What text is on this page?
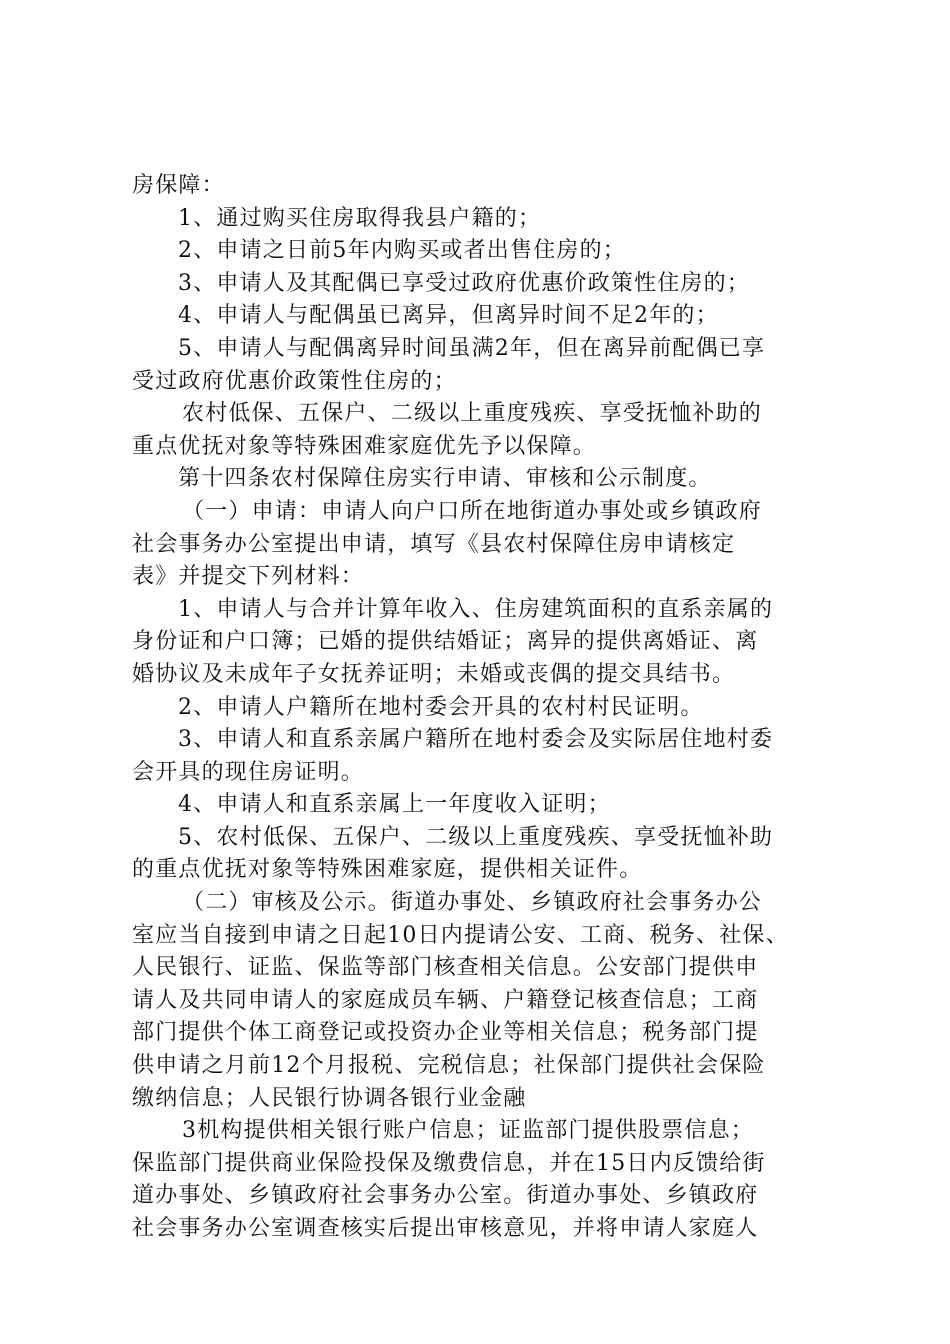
房保障：
1、通过购买住房取得我县户籍的；
2、申请之日前5年内购买或者出售住房的；
3、申请人及其配偶已享受过政府优惠价政策性住房的；
4、申请人与配偶虽已离异，但离异时间不足2年的；
5、申请人与配偶离异时间虽满2年，但在离异前配偶已享
受过政府优惠价政策性住房的；
农村低保、五保户、二级以上重度残疾、享受抚恤补助的
重点优抚对象等特殊困难家庭优先予以保障。
第十四条农村保障住房实行申请、审核和公示制度。
（一）申请：申请人向户口所在地街道办事处或乡镇政府
社会事务办公室提出申请，填写《县农村保障住房申请核定
表》并提交下列材料：
1、申请人与合并计算年收入、住房建筑面积的直系亲属的
身份证和户口簿；已婚的提供结婚证；离异的提供离婚证、离
婚协议及未成年子女抚养证明；未婚或丧偶的提交具结书。
2、申请人户籍所在地村委会开具的农村村民证明。
3、申请人和直系亲属户籍所在地村委会及实际居住地村委
会开具的现住房证明。
4、申请人和直系亲属上一年度收入证明；
5、农村低保、五保户、二级以上重度残疾、享受抚恤补助
的重点优抚对象等特殊困难家庭，提供相关证件。
（二）审核及公示。街道办事处、乡镇政府社会事务办公
室应当自接到申请之日起10日内提请公安、工商、税务、社保、
人民银行、证监、保监等部门核查相关信息。公安部门提供申
请人及共同申请人的家庭成员车辆、户籍登记核查信息；工商
部门提供个体工商登记或投资办企业等相关信息；税务部门提
供申请之月前12个月报税、完税信息；社保部门提供社会保险
缴纳信息；人民银行协调各银行业金融
3机构提供相关银行账户信息；证监部门提供股票信息；
保监部门提供商业保险投保及缴费信息，并在15日内反馈给街
道办事处、乡镇政府社会事务办公室。街道办事处、乡镇政府
社会事务办公室调查核实后提出审核意见，并将申请人家庭人
